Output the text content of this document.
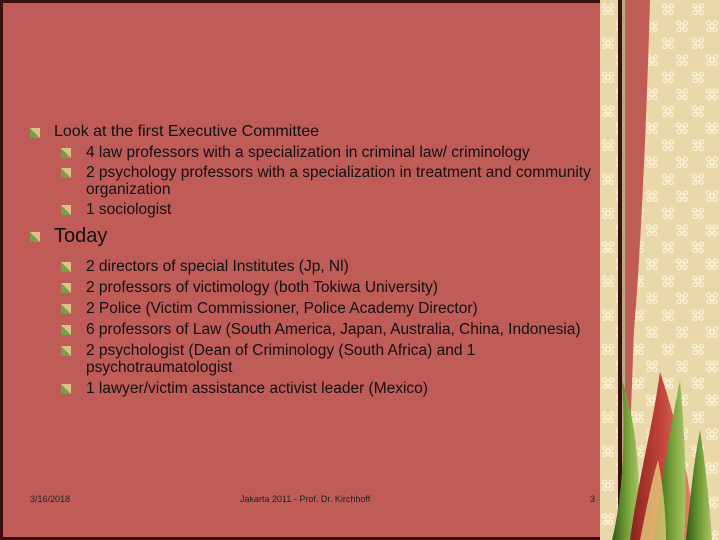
Look at the first Executive Committee
4 law professors with a specialization in criminal law/ criminology
2 psychology professors with a specialization in treatment and community organization
1 sociologist
Today
2 directors of special Institutes (Jp, Nl)
2 professors of victimology (both Tokiwa University)
2 Police (Victim Commissioner, Police Academy Director)
6 professors of Law (South America, Japan, Australia, China, Indonesia)
2 psychologist (Dean of Criminology (South Africa) and 1 psychotraumatologist
1 lawyer/victim assistance activist leader (Mexico)
3/16/2018	Jakarta 2011 - Prof. Dr. Kirchhoff	3
